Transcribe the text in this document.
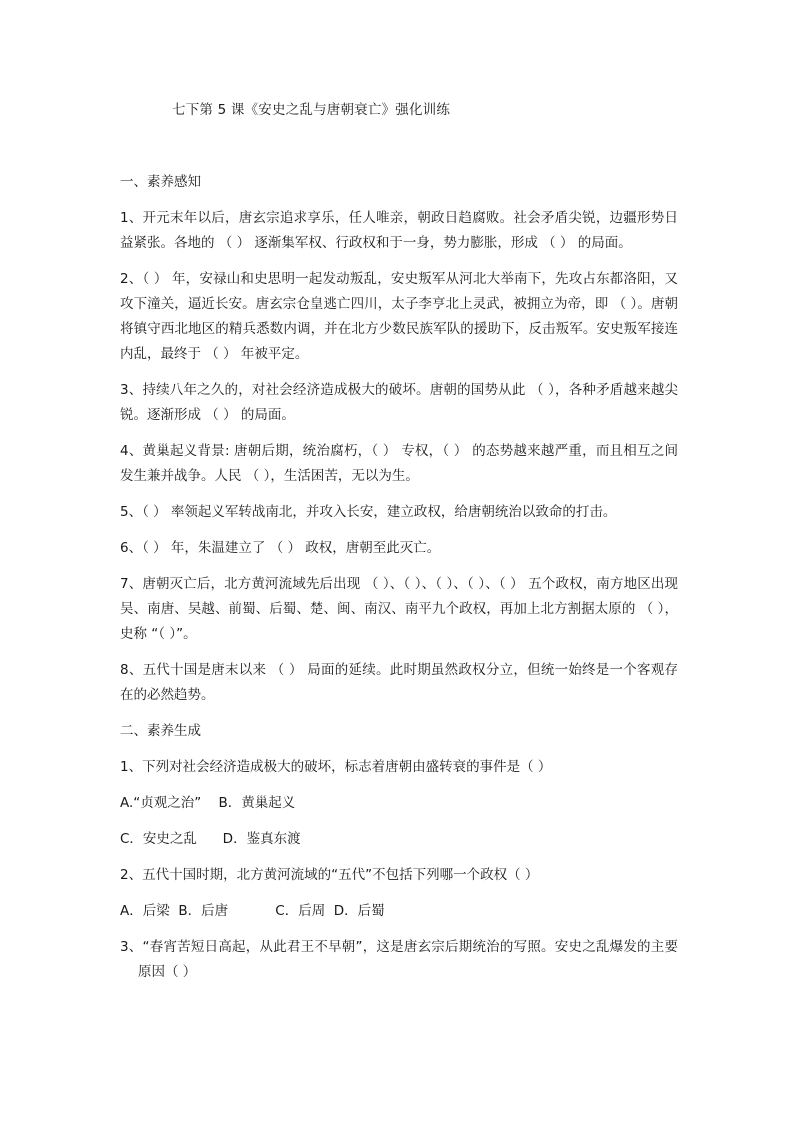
七下第 5 课《安史之乱与唐朝衰亡》强化训练
一、素养感知
1、开元末年以后，唐玄宗追求享乐，任人唯亲，朝政日趋腐败。社会矛盾尖锐，边疆形势日益紧张。各地的 （ ） 逐渐集军权、行政权和于一身，势力膨胀，形成 （ ） 的局面。
2、（ ） 年，安禄山和史思明一起发动叛乱，安史叛军从河北大举南下，先攻占东都洛阳，又攻下潼关，逼近长安。唐玄宗仓皇逃亡四川，太子李亨北上灵武，被拥立为帝，即 （ ）。唐朝将镇守西北地区的精兵悉数内调，并在北方少数民族军队的援助下，反击叛军。安史叛军接连内乱，最终于 （ ） 年被平定。
3、持续八年之久的，对社会经济造成极大的破坏。唐朝的国势从此 （ ），各种矛盾越来越尖锐。逐渐形成 （ ） 的局面。
4、黄巢起义背景: 唐朝后期，统治腐朽，（ ） 专权，（ ） 的态势越来越严重，而且相互之间发生兼并战争。人民 （ ），生活困苦，无以为生。
5、（ ） 率领起义军转战南北，并攻入长安，建立政权，给唐朝统治以致命的打击。
6、（ ） 年，朱温建立了 （ ） 政权，唐朝至此灭亡。
7、唐朝灭亡后，北方黄河流域先后出现 （ ）、（ ）、（ ）、（ ）、（ ） 五个政权，南方地区出现吴、南唐、吴越、前蜀、后蜀、楚、闽、南汉、南平九个政权，再加上北方割据太原的 （ ），史称 “（ ）”。
8、五代十国是唐末以来 （ ） 局面的延续。此时期虽然政权分立，但统一始终是一个客观存在的必然趋势。
二、素养生成
1、下列对社会经济造成极大的破坏，标志着唐朝由盛转衰的事件是（ ）
A.“贞观之治”    B．黄巢起义
C．安史之乱      D．鉴真东渡
2、五代十国时期，北方黄河流域的“五代”不包括下列哪一个政权（ ）
A．后梁  B．后唐           C．后周  D．后蜀
3、“春宵苦短日高起，从此君王不早朝”，这是唐玄宗后期统治的写照。安史之乱爆发的主要原因（ ）
